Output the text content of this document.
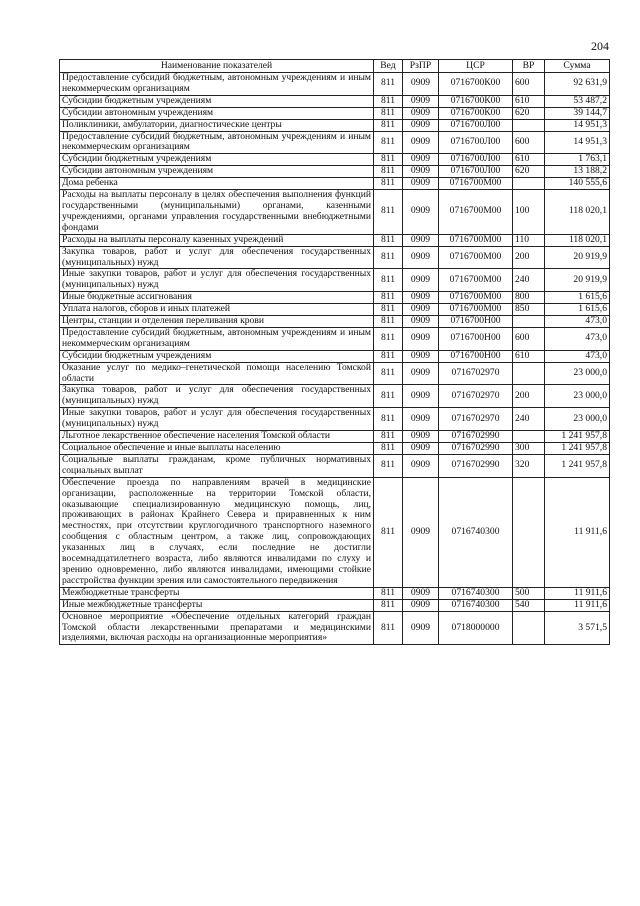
204
Наименование показателей	Вед	РзПР	ЦСР	ВР	Сумма
Предоставление субсидий бюджетным, автономным учреждениям и иным некоммерческим организациям	811	0909	0716700К00	600	92 631,9
Субсидии бюджетным учреждениям	811	0909	0716700К00	610	53 487,2
Субсидии автономным учреждениям	811	0909	0716700К00	620	39 144,7
Поликлиники, амбулатории, диагностические центры	811	0909	0716700Л00		14 951,3
Предоставление субсидий бюджетным, автономным учреждениям и иным некоммерческим организациям	811	0909	0716700Л00	600	14 951,3
Субсидии бюджетным учреждениям	811	0909	0716700Л00	610	1 763,1
Субсидии автономным учреждениям	811	0909	0716700Л00	620	13 188,2
Дома ребенка	811	0909	0716700М00		140 555,6
Расходы на выплаты персоналу в целях обеспечения выполнения функций государственными (муниципальными) органами, казенными учреждениями, органами управления государственными внебюджетными фондами	811	0909	0716700М00	100	118 020,1
Расходы на выплаты персоналу казенных учреждений	811	0909	0716700М00	110	118 020,1
Закупка товаров, работ и услуг для обеспечения государственных (муниципальных) нужд	811	0909	0716700М00	200	20 919,9
Иные закупки товаров, работ и услуг для обеспечения государственных (муниципальных) нужд	811	0909	0716700М00	240	20 919,9
Иные бюджетные ассигнования	811	0909	0716700М00	800	1 615,6
Уплата налогов, сборов и иных платежей	811	0909	0716700М00	850	1 615,6
Центры, станции и отделения переливания крови	811	0909	0716700Н00		473,0
Предоставление субсидий бюджетным, автономным учреждениям и иным некоммерческим организациям	811	0909	0716700Н00	600	473,0
Субсидии бюджетным учреждениям	811	0909	0716700Н00	610	473,0
Оказание услуг по медико–генетической помощи населению Томской области	811	0909	0716702970		23 000,0
Закупка товаров, работ и услуг для обеспечения государственных (муниципальных) нужд	811	0909	0716702970	200	23 000,0
Иные закупки товаров, работ и услуг для обеспечения государственных (муниципальных) нужд	811	0909	0716702970	240	23 000,0
Льготное лекарственное обеспечение населения Томской области	811	0909	0716702990		1 241 957,8
Социальное обеспечение и иные выплаты населению	811	0909	0716702990	300	1 241 957,8
Социальные выплаты гражданам, кроме публичных нормативных социальных выплат	811	0909	0716702990	320	1 241 957,8
Обеспечение проезда по направлениям врачей в медицинские организации, расположенные на территории Томской области, оказывающие специализированную медицинскую помощь, лиц, проживающих в районах Крайнего Севера и приравненных к ним местностях, при отсутствии круглогодичного транспортного наземного сообщения с областным центром, а также лиц, сопровождающих указанных лиц в случаях, если последние не достигли восемнадцатилетнего возраста, либо являются инвалидами по слуху и зрению одновременно, либо являются инвалидами, имеющими стойкие расстройства функции зрения или самостоятельного передвижения	811	0909	0716740300		11 911,6
Межбюджетные трансферты	811	0909	0716740300	500	11 911,6
Иные межбюджетные трансферты	811	0909	0716740300	540	11 911,6
Основное мероприятие «Обеспечение отдельных категорий граждан Томской области лекарственными препаратами и медицинскими изделиями, включая расходы на организационные мероприятия»	811	0909	0718000000		3 571,5
